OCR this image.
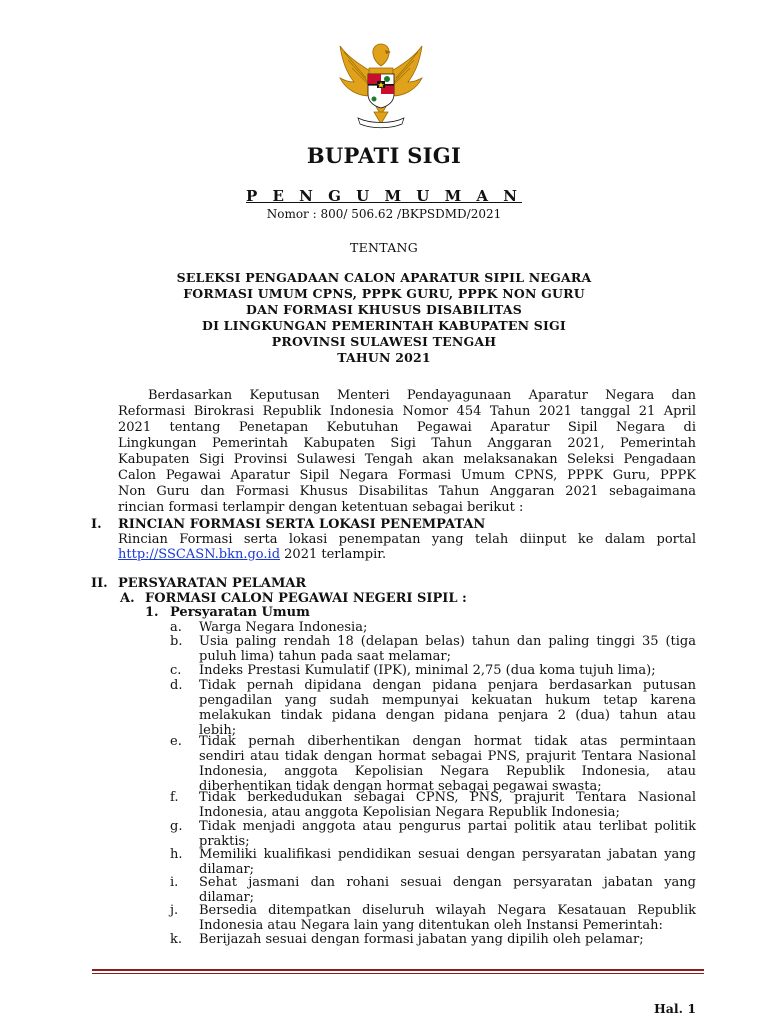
BUPATI SIGI
P E N G U M U M A N
Nomor : 800/ 506.62 /BKPSDMD/2021
TENTANG
SELEKSI PENGADAAN CALON APARATUR SIPIL NEGARA
FORMASI UMUM CPNS, PPPK GURU, PPPK NON GURU
DAN FORMASI KHUSUS DISABILITAS
DI LINGKUNGAN PEMERINTAH KABUPATEN SIGI
PROVINSI SULAWESI TENGAH
TAHUN 2021
Berdasarkan Keputusan Menteri Pendayagunaan Aparatur Negara dan
Reformasi Birokrasi Republik Indonesia Nomor 454 Tahun 2021 tanggal 21 April
2021 tentang Penetapan Kebutuhan Pegawai Aparatur Sipil Negara di
Lingkungan Pemerintah Kabupaten Sigi Tahun Anggaran 2021, Pemerintah
Kabupaten Sigi Provinsi Sulawesi Tengah akan melaksanakan Seleksi Pengadaan
Calon Pegawai Aparatur Sipil Negara Formasi Umum CPNS, PPPK Guru, PPPK
Non Guru dan Formasi Khusus Disabilitas Tahun Anggaran 2021 sebagaimana
rincian formasi terlampir dengan ketentuan sebagai berikut :
I. RINCIAN FORMASI SERTA LOKASI PENEMPATAN
Rincian Formasi serta lokasi penempatan yang telah diinput ke dalam portal
http://SSCASN.bkn.go.id 2021 terlampir.
II. PERSYARATAN PELAMAR
A. FORMASI CALON PEGAWAI NEGERI SIPIL :
1. Persyaratan Umum
a.	Warga Negara Indonesia;
b.	Usia paling rendah 18 (delapan belas) tahun dan paling tinggi 35 (tiga
puluh lima) tahun pada saat melamar;
c.	Indeks Prestasi Kumulatif (IPK), minimal 2,75 (dua koma tujuh lima);
d.	Tidak pernah dipidana dengan pidana penjara berdasarkan putusan
pengadilan yang sudah mempunyai kekuatan hukum tetap karena
melakukan tindak pidana dengan pidana penjara 2 (dua) tahun atau
lebih;
e.	Tidak pernah diberhentikan dengan hormat tidak atas permintaan
sendiri atau tidak dengan hormat sebagai PNS, prajurit Tentara Nasional
Indonesia, anggota Kepolisian Negara Republik Indonesia, atau
diberhentikan tidak dengan hormat sebagai pegawai swasta;
f.	Tidak berkedudukan sebagai CPNS, PNS, prajurit Tentara Nasional
Indonesia, atau anggota Kepolisian Negara Republik Indonesia;
g.	Tidak menjadi anggota atau pengurus partai politik atau terlibat politik
praktis;
h.	Memiliki kualifikasi pendidikan sesuai dengan persyaratan jabatan yang
dilamar;
i.	Sehat jasmani dan rohani sesuai dengan persyaratan jabatan yang
dilamar;
j.	Bersedia ditempatkan diseluruh wilayah Negara Kesatauan Republik
Indonesia atau Negara lain yang ditentukan oleh Instansi Pemerintah:
k.	Berijazah sesuai dengan formasi jabatan yang dipilih oleh pelamar;
Hal. 1
